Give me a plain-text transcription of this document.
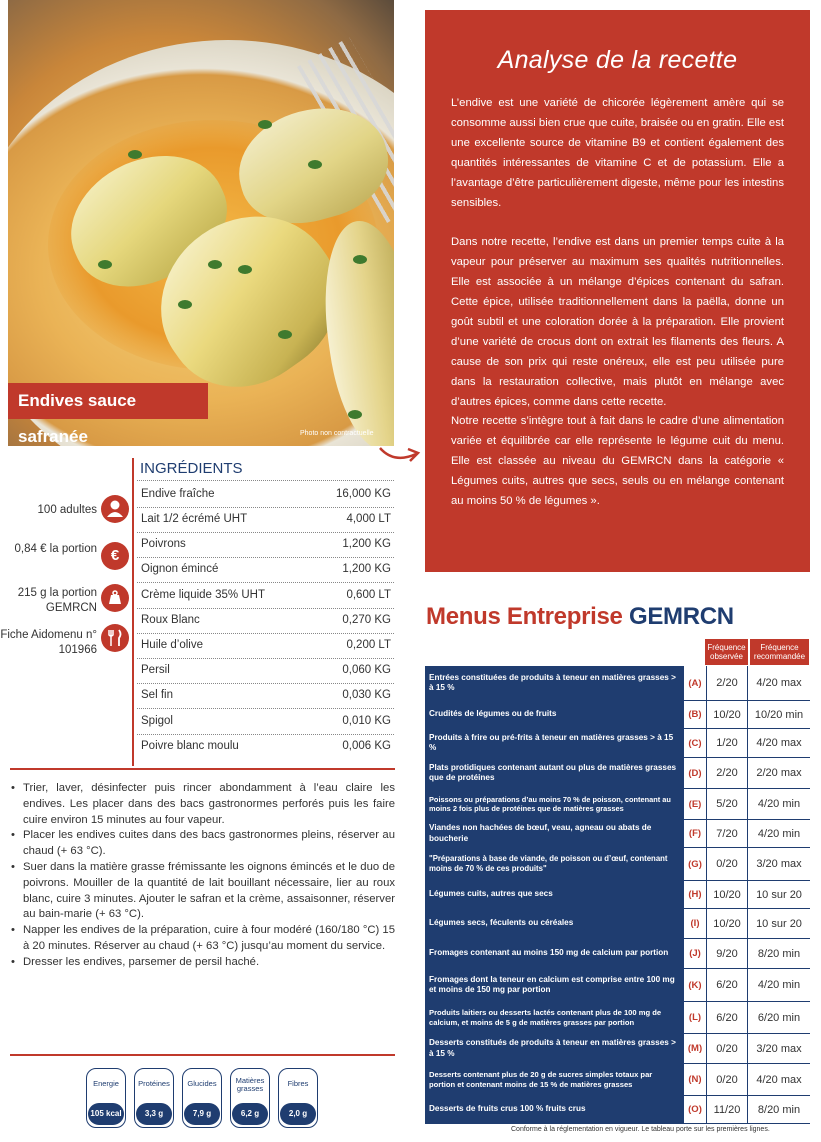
Photo non contractuelle
Endives sauce safranée
Analyse de la recette

L’endive est une variété de chicorée légèrement amère qui se consomme aussi bien crue que cuite, braisée ou en gratin. Elle est une excellente source de vitamine B9 et contient également des quantités intéressantes de vitamine C et de potassium. Elle a l’avantage d’être particulièrement digeste, même pour les intestins sensibles.

Dans notre recette, l’endive est dans un premier temps cuite à la vapeur pour préserver au maximum ses qualités nutritionnelles. Elle est associée à un mélange d’épices contenant du safran. Cette épice, utilisée traditionnellement dans la paëlla, donne un goût subtil et une coloration dorée à la préparation. Elle provient d’une variété de crocus dont on extrait les filaments des fleurs. A cause de son prix qui reste onéreux, elle est peu utilisée pure dans la restauration collective, mais plutôt en mélange avec d’autres épices, comme dans cette recette.

Notre recette s’intègre tout à fait dans le cadre d’une alimentation variée et équilibrée car elle représente le légume cuit du menu. Elle est classée au niveau du GEMRCN dans la catégorie « Légumes cuits, autres que secs, seuls ou en mélange contenant au moins 50 % de légumes ».

100 adultes
0,84 € la portion €
215 g la portion GEMRCN
Fiche Aidomenu n° 101966
INGRÉDIENTS
Endive fraîche	16,000 KG
Lait 1/2 écrémé UHT	4,000 LT
Poivrons	1,200 KG
Oignon émincé	1,200 KG
Crème liquide 35% UHT	0,600 LT
Roux Blanc	0,270 KG
Huile d’olive	0,200 LT
Persil	0,060 KG
Sel fin	0,030 KG
Spigol	0,010 KG
Poivre blanc moulu	0,006 KG
• Trier, laver, désinfecter puis rincer abondamment à l’eau claire les endives. Les placer dans des bacs gastronormes perforés puis les faire cuire environ 15 minutes au four vapeur.
• Placer les endives cuites dans des bacs gastronormes pleins, réserver au chaud (+ 63 °C).
• Suer dans la matière grasse frémissante les oignons émincés et le duo de poivrons. Mouiller de la quantité de lait bouillant nécessaire, lier au roux blanc, cuire 3 minutes. Ajouter le safran et la crème, assaisonner, réserver au bain-marie (+ 63 °C).
• Napper les endives de la préparation, cuire à four modéré (160/180 °C) 15 à 20 minutes. Réserver au chaud (+ 63 °C) jusqu’au moment du service.
• Dresser les endives, parsemer de persil haché.
Energie
105 kcal
Protéines
3,3 g
Glucides
7,9 g
Matières grasses
6,2 g
Fibres
2,0 g
Menus Entreprise GEMRCN
Fréquence observée
Fréquence recommandée
Entrées constituées de produits à teneur en matières grasses > à 15 %	(A)	2/20	4/20 max
Crudités de légumes ou de fruits	(B)	10/20	10/20 min
Produits à frire ou pré-frits à teneur en matières grasses > à 15 %	(C)	1/20	4/20 max
Plats protidiques contenant autant ou plus de matières grasses que de protéines	(D)	2/20	2/20 max
Poissons ou préparations d’au moins 70 % de poisson, contenant au moins 2 fois plus de protéines que de matières grasses	(E)	5/20	4/20 min
Viandes non hachées de bœuf, veau, agneau ou abats de boucherie	(F)	7/20	4/20 min
"Préparations à base de viande, de poisson ou d’œuf, contenant moins de 70 % de ces produits"	(G)	0/20	3/20 max
Légumes cuits, autres que secs	(H)	10/20	10 sur 20
Légumes secs, féculents ou céréales	(I)	10/20	10 sur 20
Fromages contenant au moins 150 mg de calcium par portion	(J)	9/20	8/20 min
Fromages dont la teneur en calcium est comprise entre 100 mg et moins de 150 mg par portion	(K)	6/20	4/20 min
Produits laitiers ou desserts lactés contenant plus de 100 mg de calcium, et moins de 5 g de matières grasses par portion	(L)	6/20	6/20 min
Desserts constitués de produits à teneur en matières grasses > à 15 %	(M)	0/20	3/20 max
Desserts contenant plus de 20 g de sucres simples totaux par portion et contenant moins de 15 % de matières grasses	(N)	0/20	4/20 max
Desserts de fruits crus 100 % fruits crus	(O)	11/20	8/20 min
Conforme à la réglementation en vigueur. Le tableau porte sur les premières lignes.
